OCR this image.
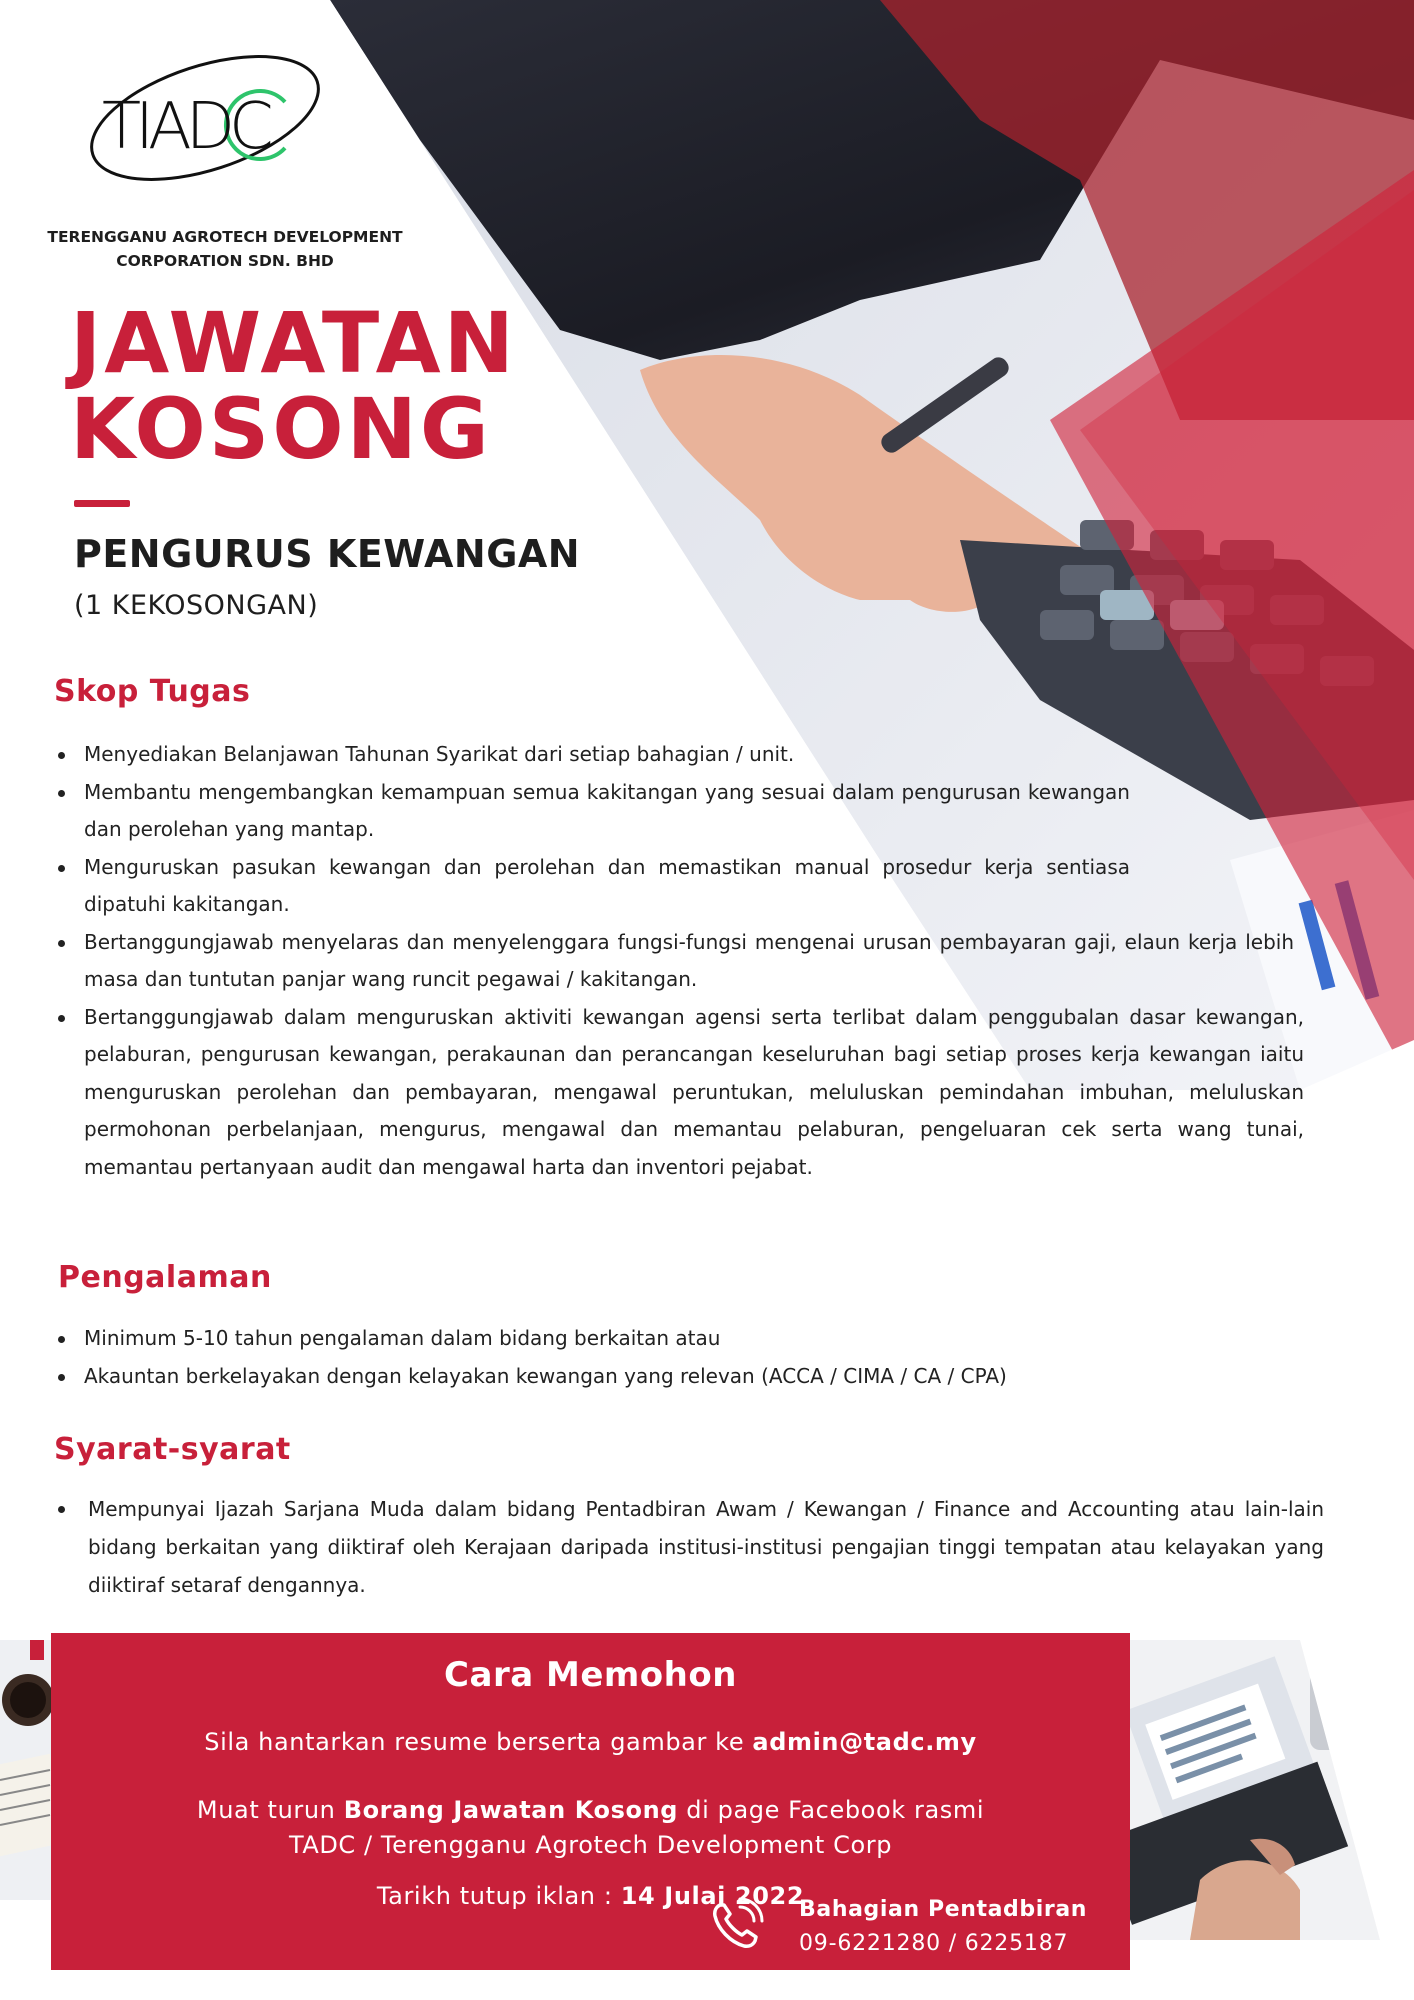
TIADC
TERENGGANU AGROTECH DEVELOPMENT
CORPORATION SDN. BHD
JAWATAN
KOSONG
PENGURUS KEWANGAN
(1 KEKOSONGAN)
Skop Tugas
Menyediakan Belanjawan Tahunan Syarikat dari setiap bahagian / unit.
Membantu mengembangkan kemampuan semua kakitangan yang sesuai dalam pengurusan kewangan dan perolehan yang mantap.
Menguruskan pasukan kewangan dan perolehan dan memastikan manual prosedur kerja sentiasa dipatuhi kakitangan.
Bertanggungjawab menyelaras dan menyelenggara fungsi-fungsi mengenai urusan pembayaran gaji, elaun kerja lebih masa dan tuntutan panjar wang runcit pegawai / kakitangan.
Bertanggungjawab dalam menguruskan aktiviti kewangan agensi serta terlibat dalam penggubalan dasar kewangan, pelaburan, pengurusan kewangan, perakaunan dan perancangan keseluruhan bagi setiap proses kerja kewangan iaitu menguruskan perolehan dan pembayaran, mengawal peruntukan, meluluskan pemindahan imbuhan, meluluskan permohonan perbelanjaan, mengurus, mengawal dan memantau pelaburan, pengeluaran cek serta wang tunai, memantau pertanyaan audit dan mengawal harta dan inventori pejabat.
Pengalaman
Minimum 5-10 tahun pengalaman dalam bidang berkaitan atau
Akauntan berkelayakan dengan kelayakan kewangan yang relevan (ACCA / CIMA / CA / CPA)
Syarat-syarat
Mempunyai Ijazah Sarjana Muda dalam bidang Pentadbiran Awam / Kewangan / Finance and Accounting atau lain-lain bidang berkaitan yang diiktiraf oleh Kerajaan daripada institusi-institusi pengajian tinggi tempatan atau kelayakan yang diiktiraf setaraf dengannya.
Cara Memohon
Sila hantarkan resume berserta gambar ke admin@tadc.my
Muat turun Borang Jawatan Kosong di page Facebook rasmi
TADC / Terengganu Agrotech Development Corp
Tarikh tutup iklan : 14 Julai 2022
Bahagian Pentadbiran
09-6221280 / 6225187
